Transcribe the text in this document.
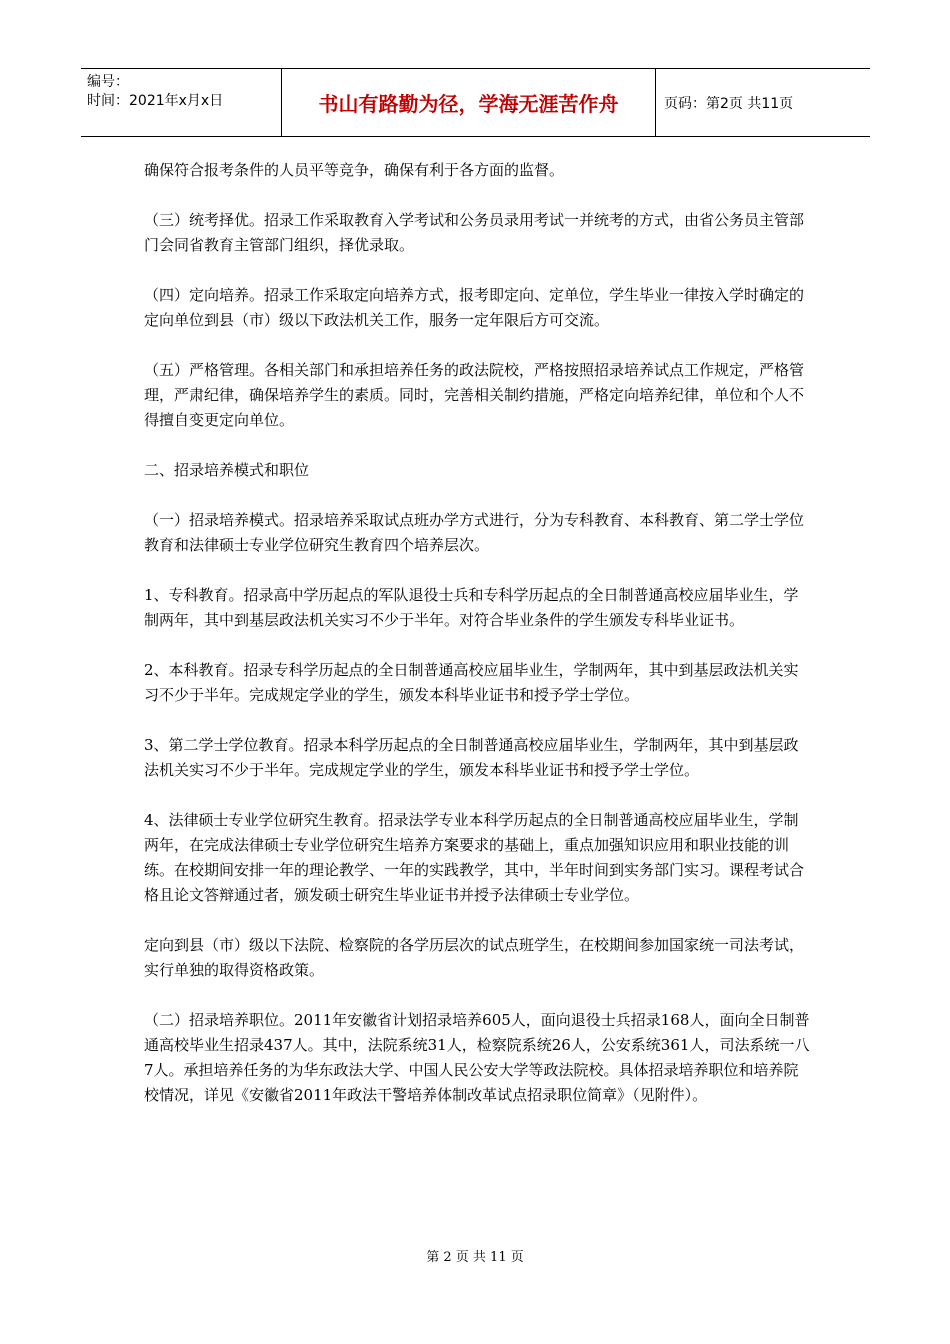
编号：
时间：2021年x月x日	书山有路勤为径，学海无涯苦作舟	页码：第2页 共11页

确保符合报考条件的人员平等竞争，确保有利于各方面的监督。

（三）统考择优。招录工作采取教育入学考试和公务员录用考试一并统考的方式，由省公务员主管部门会同省教育主管部门组织，择优录取。

（四）定向培养。招录工作采取定向培养方式，报考即定向、定单位，学生毕业一律按入学时确定的定向单位到县（市）级以下政法机关工作，服务一定年限后方可交流。

（五）严格管理。各相关部门和承担培养任务的政法院校，严格按照招录培养试点工作规定，严格管理，严肃纪律，确保培养学生的素质。同时，完善相关制约措施，严格定向培养纪律，单位和个人不得擅自变更定向单位。

二、招录培养模式和职位

（一）招录培养模式。招录培养采取试点班办学方式进行，分为专科教育、本科教育、第二学士学位教育和法律硕士专业学位研究生教育四个培养层次。

1、专科教育。招录高中学历起点的军队退役士兵和专科学历起点的全日制普通高校应届毕业生，学制两年，其中到基层政法机关实习不少于半年。对符合毕业条件的学生颁发专科毕业证书。

2、本科教育。招录专科学历起点的全日制普通高校应届毕业生，学制两年，其中到基层政法机关实习不少于半年。完成规定学业的学生，颁发本科毕业证书和授予学士学位。

3、第二学士学位教育。招录本科学历起点的全日制普通高校应届毕业生，学制两年，其中到基层政法机关实习不少于半年。完成规定学业的学生，颁发本科毕业证书和授予学士学位。

4、法律硕士专业学位研究生教育。招录法学专业本科学历起点的全日制普通高校应届毕业生，学制两年，在完成法律硕士专业学位研究生培养方案要求的基础上，重点加强知识应用和职业技能的训练。在校期间安排一年的理论教学、一年的实践教学，其中，半年时间到实务部门实习。课程考试合格且论文答辩通过者，颁发硕士研究生毕业证书并授予法律硕士专业学位。

定向到县（市）级以下法院、检察院的各学历层次的试点班学生，在校期间参加国家统一司法考试，实行单独的取得资格政策。

（二）招录培养职位。2011年安徽省计划招录培养605人，面向退役士兵招录168人，面向全日制普通高校毕业生招录437人。其中，法院系统31人，检察院系统26人，公安系统361人，司法系统一八7人。承担培养任务的为华东政法大学、中国人民公安大学等政法院校。具体招录培养职位和培养院校情况，详见《安徽省2011年政法干警培养体制改革试点招录职位简章》（见附件）。

第 2 页 共 11 页
